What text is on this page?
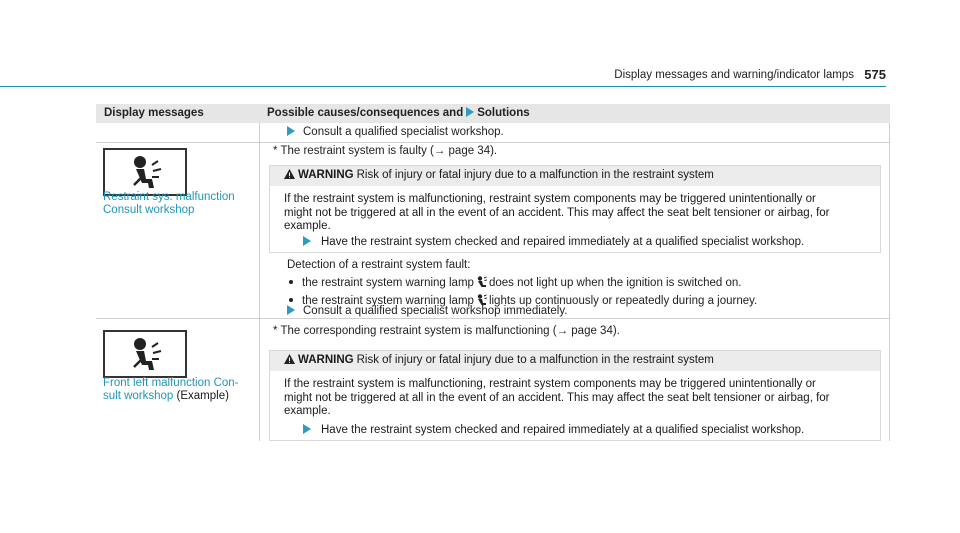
Display messages and warning/indicator lamps 575
Display messages	Possible causes/consequences and Solutions
Consult a qualified specialist workshop.
Restraint sys. malfunction
Consult workshop
* The restraint system is faulty (→ page 34).
WARNING Risk of injury or fatal injury due to a malfunction in the restraint system
If the restraint system is malfunctioning, restraint system components may be triggered unintentionally or
might not be triggered at all in the event of an accident. This may affect the seat belt tensioner or airbag, for
example.
Have the restraint system checked and repaired immediately at a qualified specialist workshop.
Detection of a restraint system fault:
the restraint system warning lamp does not light up when the ignition is switched on.
the restraint system warning lamp lights up continuously or repeatedly during a journey.
Consult a qualified specialist workshop immediately.
Front left malfunction Con-
sult workshop (Example)
* The corresponding restraint system is malfunctioning (→ page 34).
WARNING Risk of injury or fatal injury due to a malfunction in the restraint system
If the restraint system is malfunctioning, restraint system components may be triggered unintentionally or
might not be triggered at all in the event of an accident. This may affect the seat belt tensioner or airbag, for
example.
Have the restraint system checked and repaired immediately at a qualified specialist workshop.
